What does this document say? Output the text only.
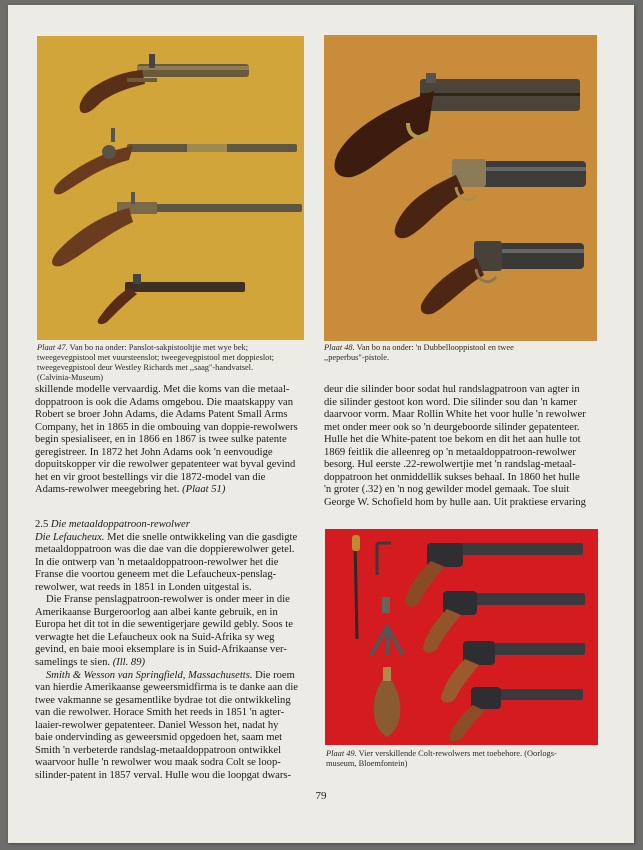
Plaat 47. Van bo na onder: Panslot-sakpistooltjie met wye bek;
tweegevegpistool met vuursteenslot; tweegevegpistool met doppieslot;
tweegevegpistool deur Westley Richards met ,,saag"-handvatsel.
(Calvinia-Museum)
Plaat 48. Van bo na onder: 'n Dubbellooppistool en twee
,,peperbus"-pistole.
Plaat 49. Vier verskillende Colt-rewolwers met toebehore. (Oorlogs-
museum, Bloemfontein)

skillende modelle vervaardig. Met die koms van die metaal-

doppatroon is ook die Adams omgebou. Die maatskappy van

Robert se broer John Adams, die Adams Patent Small Arms

Company, het in 1865 in die ombouing van doppie-rewolwers

begin spesialiseer, en in 1866 en 1867 is twee sulke patente

geregistreer. In 1872 het John Adams ook 'n eenvoudige

dopuitskopper vir die rewolwer gepatenteer wat byval gevind

het en vir groot bestellings vir die 1872-model van die

Adams-rewolwer meegebring het. (Plaat 51)

2.5 Die metaaldoppatroon-rewolwer

Die Lefaucheux. Met die snelle ontwikkeling van die gasdigte

metaaldoppatroon was die dae van die doppierewolwer getel.

In die ontwerp van 'n metaaldoppatroon-rewolwer het die

Franse die voortou geneem met die Lefaucheux-penslag-

rewolwer, wat reeds in 1851 in Londen uitgestal is.

Die Franse penslagpatroon-rewolwer is onder meer in die

Amerikaanse Burgeroorlog aan albei kante gebruik, en in

Europa het dit tot in die sewentigerjare gewild gebly. Soos te

verwagte het die Lefaucheux ook na Suid-Afrika sy weg

gevind, en baie mooi eksemplare is in Suid-Afrikaanse ver-

samelings te sien. (Ill. 89)

Smith & Wesson van Springfield, Massachusetts. Die roem

van hierdie Amerikaanse geweersmidfirma is te danke aan die

twee vakmanne se gesamentlike bydrae tot die ontwikkeling

van die rewolwer. Horace Smith het reeds in 1851 'n agter-

laaier-rewolwer gepatenteer. Daniel Wesson het, nadat hy

baie ondervinding as geweersmid opgedoen het, saam met

Smith 'n verbeterde randslag-metaaldoppatroon ontwikkel

waarvoor hulle 'n rewolwer wou maak sodra Colt se loop-

silinder-patent in 1857 verval. Hulle wou die loopgat dwars-

deur die silinder boor sodat hul randslagpatroon van agter in

die silinder gestoot kon word. Die silinder sou dan 'n kamer

daarvoor vorm. Maar Rollin White het voor hulle 'n rewolwer

met onder meer ook so 'n deurgeboorde silinder gepatenteer.

Hulle het die White-patent toe bekom en dit het aan hulle tot

1869 feitlik die alleenreg op 'n metaaldoppatroon-rewolwer

besorg. Hul eerste .22-rewolwertjie met 'n randslag-metaal-

doppatroon het onmiddellik sukses behaal. In 1860 het hulle

'n groter (.32) en 'n nog gewilder model gemaak. Toe sluit

George W. Schofield hom by hulle aan. Uit praktiese ervaring

79
